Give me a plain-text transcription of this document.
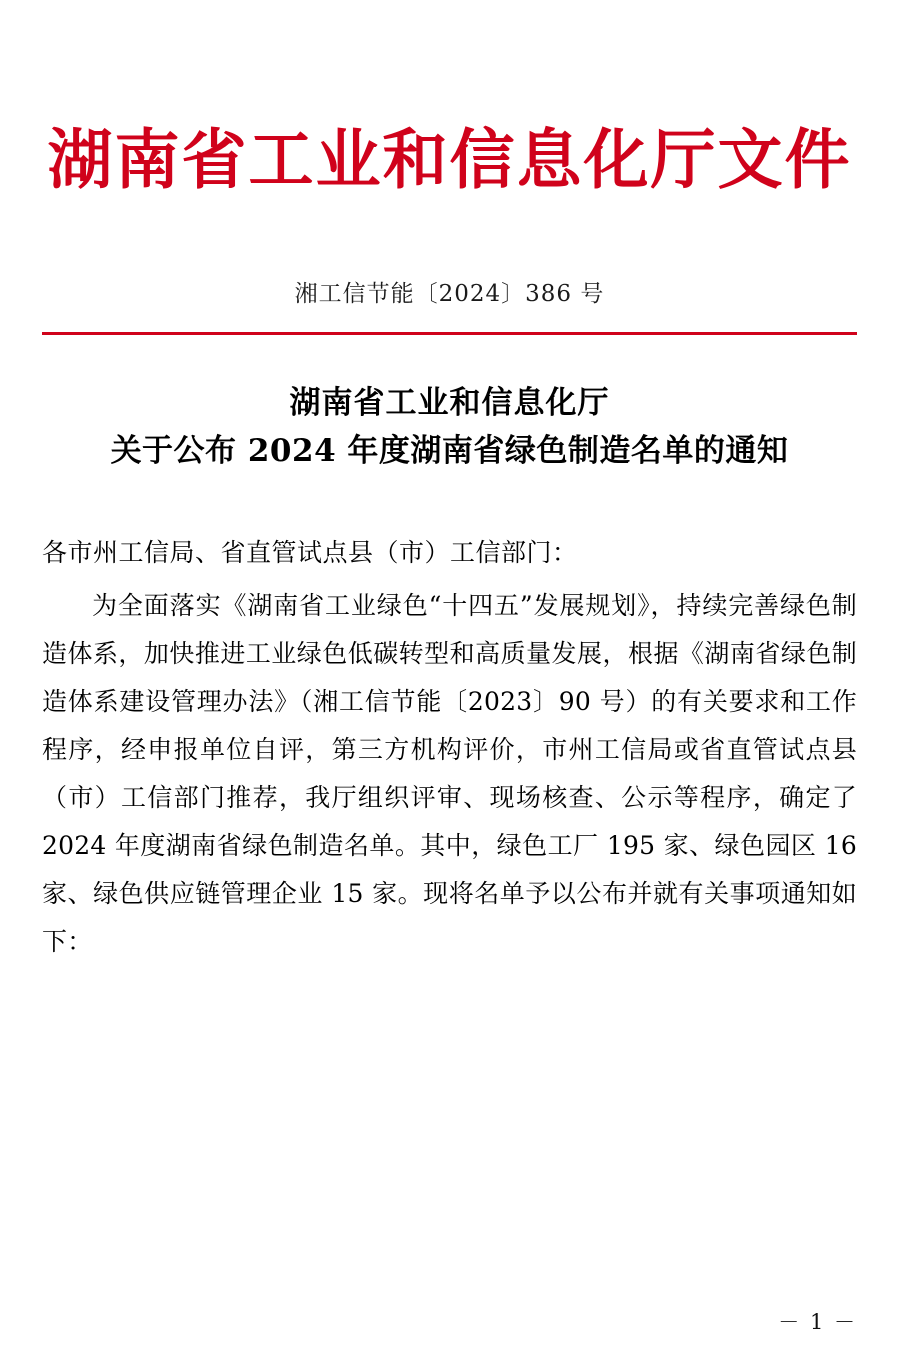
湖南省工业和信息化厅文件
湘工信节能〔2024〕386 号
湖南省工业和信息化厅
关于公布 2024 年度湖南省绿色制造名单的通知
各市州工信局、省直管试点县（市）工信部门：
为全面落实《湖南省工业绿色“十四五”发展规划》，持续完善绿色制造体系，加快推进工业绿色低碳转型和高质量发展，根据《湖南省绿色制造体系建设管理办法》（湘工信节能〔2023〕90 号）的有关要求和工作程序，经申报单位自评，第三方机构评价，市州工信局或省直管试点县（市）工信部门推荐，我厅组织评审、现场核查、公示等程序，确定了 2024 年度湖南省绿色制造名单。其中，绿色工厂 195 家、绿色园区 16 家、绿色供应链管理企业 15 家。现将名单予以公布并就有关事项通知如下：
－ 1 －
